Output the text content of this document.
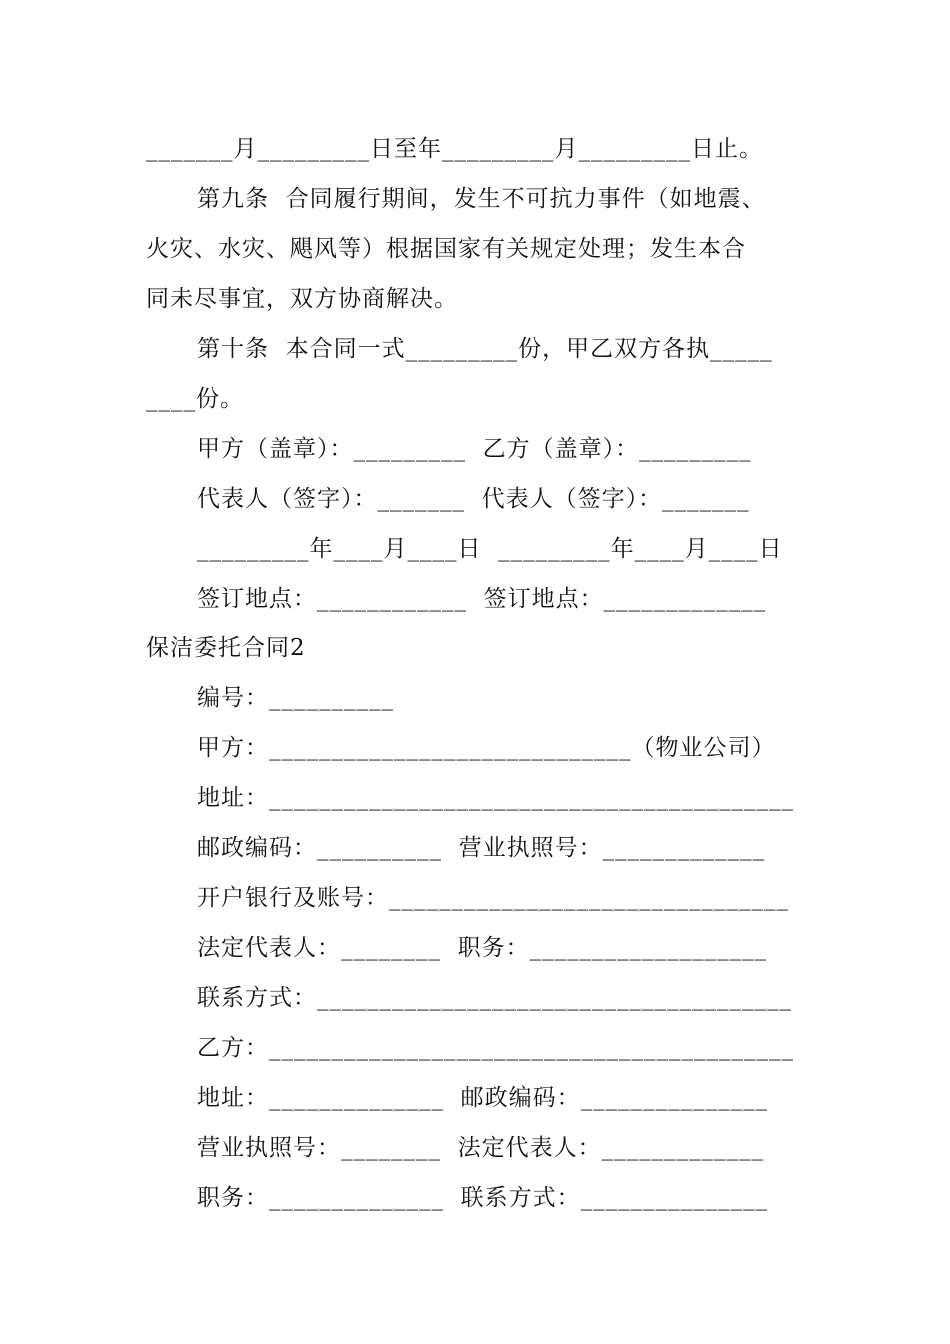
_______月_________日至年_________月_________日止。
第九条  合同履行期间，发生不可抗力事件（如地震、
火灾、水灾、飓风等）根据国家有关规定处理；发生本合
同未尽事宜，双方协商解决。
第十条  本合同一式_________份，甲乙双方各执_____
____份。
甲方（盖章）：_________  乙方（盖章）：_________
代表人（签字）：_______  代表人（签字）：_______
_________年____月____日  _________年____月____日
签订地点：____________  签订地点：_____________
保洁委托合同2
编号：__________
甲方：_____________________________（物业公司）
地址：__________________________________________
邮政编码：__________  营业执照号：_____________
开户银行及账号：________________________________
法定代表人：________  职务：___________________
联系方式：______________________________________
乙方：__________________________________________
地址：______________  邮政编码：_______________
营业执照号：________  法定代表人：_____________
职务：______________  联系方式：_______________
